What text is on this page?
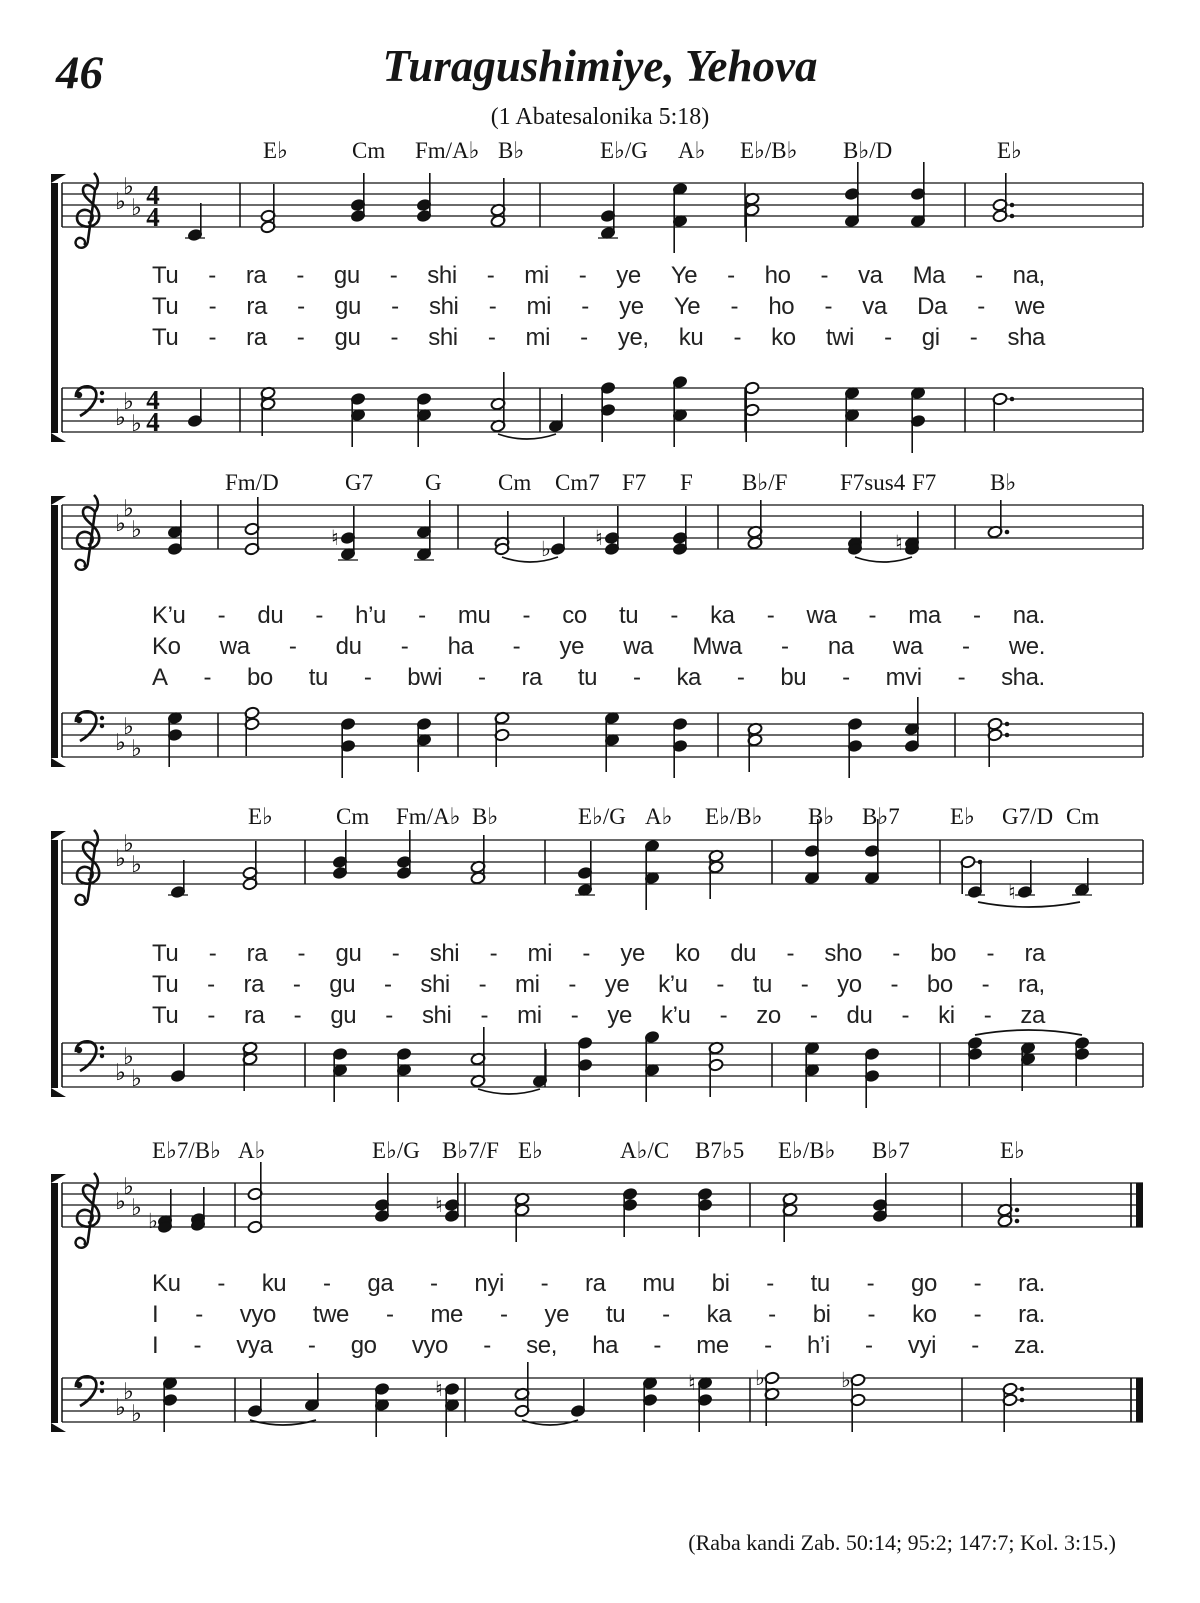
46	Turagushimiye, Yehova
(1 Abatesalonika 5:18)
E♭	Cm Fm/A♭ B♭	E♭/G A♭ E♭/B♭ B♭/D	E♭
♭
♭
♭ 4
4
Tu - ra - gu - shi - mi - ye Ye - ho - va Ma - na,
Tu - ra - gu - shi - mi - ye Ye - ho - va Da - we
Tu - ra - gu - shi - mi - ye, ku - ko twi - gi - sha
♭
♭
♭
4
4
Fm/D	G7 G Cm Cm7 F7 F B♭/F F7sus4 F7 B♭
♭
♭
♭	♮	♭ ♮	♮
K’u - du - h’u - mu - co tu - ka - wa - ma - na.
Ko wa - du - ha - ye wa Mwa - na wa - we.
A - bo tu - bwi - ra tu - ka - bu - mvi - sha.
♭
♭
♭
E♭	Cm Fm/A♭ B♭	E♭/G A♭ E♭/B♭ B♭ B♭7 E♭ G7/D Cm
♭
♭
♭
♮
Tu - ra - gu - shi - mi - ye ko du - sho - bo - ra
Tu - ra - gu - shi - mi - ye k’u - tu - yo - bo - ra,
Tu - ra - gu - shi - mi - ye k’u - zo - du - ki - za
♭
♭
♭
E♭7/B♭ A♭	E♭/G B♭7/F E♭	A♭/C B7♭5 E♭/B♭ B♭7	E♭
♭
♭
♭ ♭
♮
Ku - ku - ga - nyi - ra mu bi - tu - go - ra.
I - vyo twe - me - ye tu - ka - bi - ko - ra.
I - vya - go vyo - se, ha - me - h’i - vyi - za.
♭
♭
♭
♮	♮	♭	♭
(Raba kandi Zab. 50:14; 95:2; 147:7; Kol. 3:15.)
